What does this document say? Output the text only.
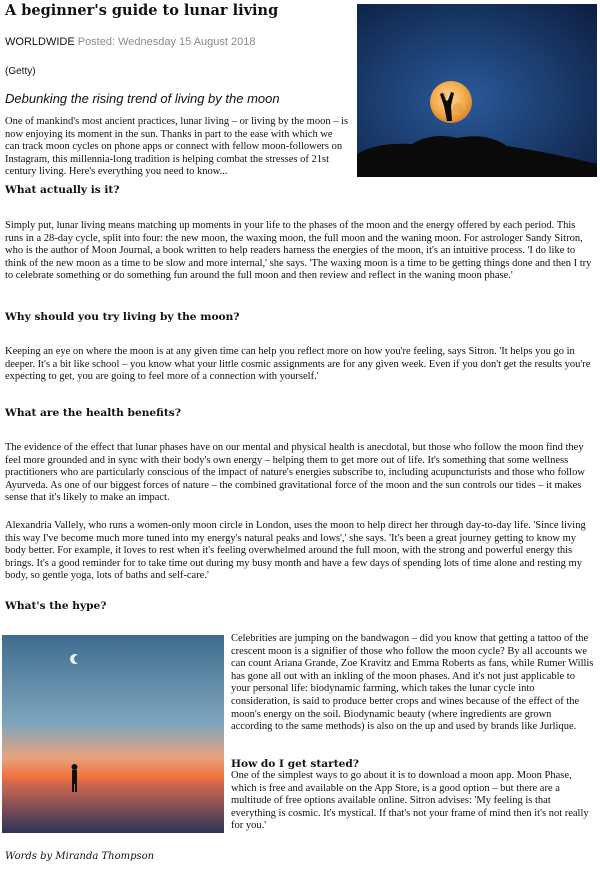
A beginner's guide to lunar living
WORLDWIDE Posted: Wednesday 15 August 2018
(Getty)
Debunking the rising trend of living by the moon

One of mankind's most ancient practices, lunar living – or living by the moon – is now enjoying its moment in the sun. Thanks in part to the ease with which we can track moon cycles on phone apps or connect with fellow moon-followers on Instagram, this millennia-long tradition is helping combat the stresses of 21st century living. Here's everything you need to know...

What actually is it?

Simply put, lunar living means matching up moments in your life to the phases of the moon and the energy offered by each period. This runs in a 28-day cycle, split into four: the new moon, the waxing moon, the full moon and the waning moon. For astrologer Sandy Sitron, who is the author of Moon Journal, a book written to help readers harness the energies of the moon, it's an intuitive process. 'I do like to think of the new moon as a time to be slow and more internal,' she says. 'The waxing moon is a time to be getting things done and then I try to celebrate something or do something fun around the full moon and then review and reflect in the waning moon phase.'

Why should you try living by the moon?

Keeping an eye on where the moon is at any given time can help you reflect more on how you're feeling, says Sitron. 'It helps you go in deeper. It's a bit like school – you know what your little cosmic assignments are for any given week. Even if you don't get the results you're expecting to get, you are going to feel more of a connection with yourself.'

What are the health benefits?

The evidence of the effect that lunar phases have on our mental and physical health is anecdotal, but those who follow the moon find they feel more grounded and in sync with their body's own energy – helping them to get more out of life. It's something that some wellness practitioners who are particularly conscious of the impact of nature's energies subscribe to, including acupuncturists and those who follow Ayurveda. As one of our biggest forces of nature – the combined gravitational force of the moon and the sun controls our tides – it makes sense that it's likely to make an impact.

Alexandria Vallely, who runs a women-only moon circle in London, uses the moon to help direct her through day-to-day life. 'Since living this way I've become much more tuned into my energy's natural peaks and lows',' she says. 'It's been a great journey getting to know my body better. For example, it loves to rest when it's feeling overwhelmed around the full moon, with the strong and powerful energy this brings. It's a good reminder for to take time out during my busy month and have a few days of spending lots of time alone and resting my body, so gentle yoga, lots of baths and self-care.'

What's the hype?

Celebrities are jumping on the bandwagon – did you know that getting a tattoo of the crescent moon is a signifier of those who follow the moon cycle? By all accounts we can count Ariana Grande, Zoe Kravitz and Emma Roberts as fans, while Rumer Willis has gone all out with an inkling of the moon phases. And it's not just applicable to your personal life: biodynamic farming, which takes the lunar cycle into consideration, is said to produce better crops and wines because of the effect of the moon's energy on the soil. Biodynamic beauty (where ingredients are grown according to the same methods) is also on the up and used by brands like Jurlique.

How do I get started?

One of the simplest ways to go about it is to download a moon app. Moon Phase, which is free and available on the App Store, is a good option – but there are a multitude of free options available online. Sitron advises: 'My feeling is that everything is cosmic. It's mystical. If that's not your frame of mind then it's not really for you.'

Words by Miranda Thompson
